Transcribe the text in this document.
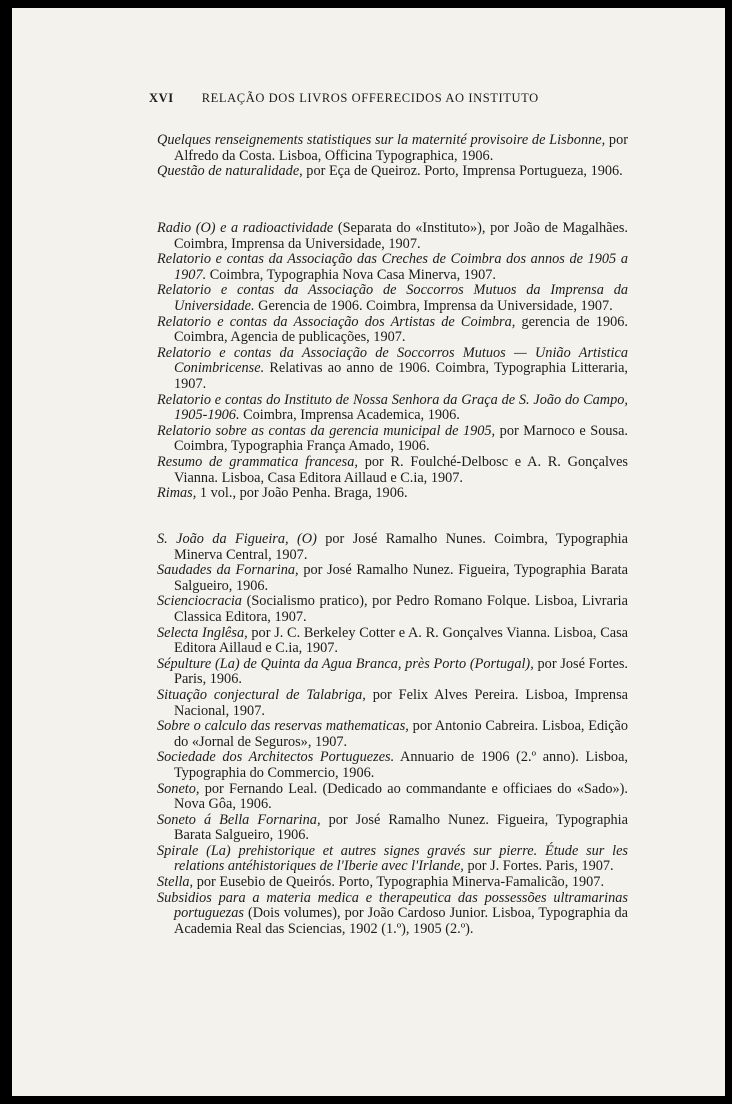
XVI RELAÇÃO DOS LIVROS OFFERECIDOS AO INSTITUTO
Quelques renseignements statistiques sur la maternité provisoire de Lisbonne, por Alfredo da Costa. Lisboa, Officina Typographica, 1906.
Questão de naturalidade, por Eça de Queiroz. Porto, Imprensa Portugueza, 1906.
Radio (O) e a radioactividade (Separata do «Instituto»), por João de Magalhães. Coimbra, Imprensa da Universidade, 1907.
Relatorio e contas da Associação das Creches de Coimbra dos annos de 1905 a 1907. Coimbra, Typographia Nova Casa Minerva, 1907.
Relatorio e contas da Associação de Soccorros Mutuos da Imprensa da Universidade. Gerencia de 1906. Coimbra, Imprensa da Universidade, 1907.
Relatorio e contas da Associação dos Artistas de Coimbra, gerencia de 1906. Coimbra, Agencia de publicações, 1907.
Relatorio e contas da Associação de Soccorros Mutuos — União Artistica Conimbricense. Relativas ao anno de 1906. Coimbra, Typographia Litteraria, 1907.
Relatorio e contas do Instituto de Nossa Senhora da Graça de S. João do Campo, 1905-1906. Coimbra, Imprensa Academica, 1906.
Relatorio sobre as contas da gerencia municipal de 1905, por Marnoco e Sousa. Coimbra, Typographia França Amado, 1906.
Resumo de grammatica francesa, por R. Foulché-Delbosc e A. R. Gonçalves Vianna. Lisboa, Casa Editora Aillaud e C.ia, 1907.
Rimas, 1 vol., por João Penha. Braga, 1906.
S. João da Figueira, (O) por José Ramalho Nunes. Coimbra, Typographia Minerva Central, 1907.
Saudades da Fornarina, por José Ramalho Nunez. Figueira, Typographia Barata Salgueiro, 1906.
Scienciocracia (Socialismo pratico), por Pedro Romano Folque. Lisboa, Livraria Classica Editora, 1907.
Selecta Inglêsa, por J. C. Berkeley Cotter e A. R. Gonçalves Vianna. Lisboa, Casa Editora Aillaud e C.ia, 1907.
Sépulture (La) de Quinta da Agua Branca, près Porto (Portugal), por José Fortes. Paris, 1906.
Situação conjectural de Talabriga, por Felix Alves Pereira. Lisboa, Imprensa Nacional, 1907.
Sobre o calculo das reservas mathematicas, por Antonio Cabreira. Lisboa, Edição do «Jornal de Seguros», 1907.
Sociedade dos Architectos Portuguezes. Annuario de 1906 (2.º anno). Lisboa, Typographia do Commercio, 1906.
Soneto, por Fernando Leal. (Dedicado ao commandante e officiaes do «Sado»). Nova Gôa, 1906.
Soneto á Bella Fornarina, por José Ramalho Nunez. Figueira, Typographia Barata Salgueiro, 1906.
Spirale (La) prehistorique et autres signes gravés sur pierre. Étude sur les relations antéhistoriques de l'Iberie avec l'Irlande, por J. Fortes. Paris, 1907.
Stella, por Eusebio de Queirós. Porto, Typographia Minerva-Famalicão, 1907.
Subsidios para a materia medica e therapeutica das possessões ultramarinas portuguezas (Dois volumes), por João Cardoso Junior. Lisboa, Typographia da Academia Real das Sciencias, 1902 (1.º), 1905 (2.º).
